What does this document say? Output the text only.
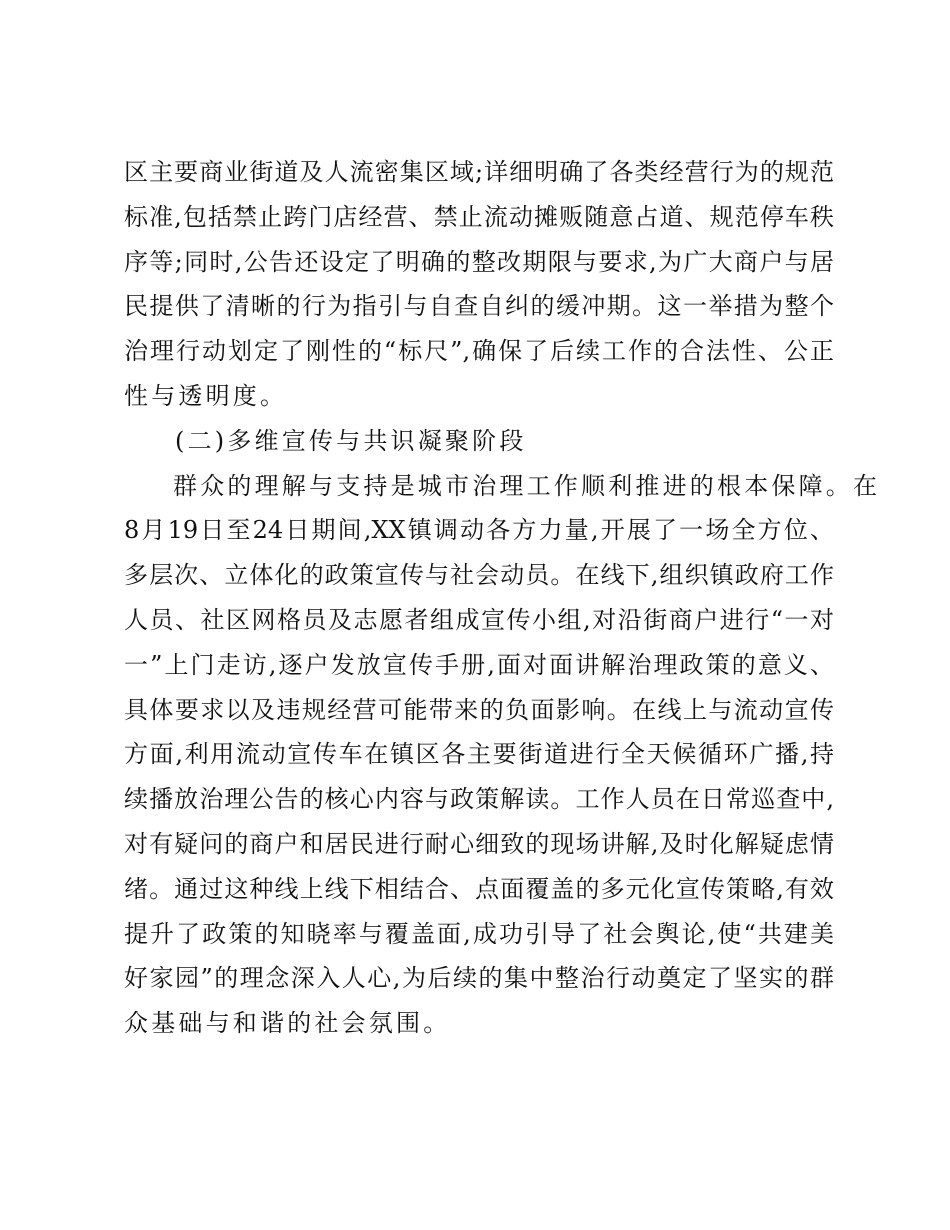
区主要商业街道及人流密集区域;详细明确了各类经营行为的规范
标准,包括禁止跨门店经营、禁止流动摊贩随意占道、规范停车秩
序等;同时,公告还设定了明确的整改期限与要求,为广大商户与居
民提供了清晰的行为指引与自查自纠的缓冲期。这一举措为整个
治理行动划定了刚性的“标尺”,确保了后续工作的合法性、公正
性与透明度。
(二)多维宣传与共识凝聚阶段
群众的理解与支持是城市治理工作顺利推进的根本保障。在
8月19日至24日期间,XX镇调动各方力量,开展了一场全方位、
多层次、立体化的政策宣传与社会动员。在线下,组织镇政府工作
人员、社区网格员及志愿者组成宣传小组,对沿街商户进行“一对
一”上门走访,逐户发放宣传手册,面对面讲解治理政策的意义、
具体要求以及违规经营可能带来的负面影响。在线上与流动宣传
方面,利用流动宣传车在镇区各主要街道进行全天候循环广播,持
续播放治理公告的核心内容与政策解读。工作人员在日常巡查中,
对有疑问的商户和居民进行耐心细致的现场讲解,及时化解疑虑情
绪。通过这种线上线下相结合、点面覆盖的多元化宣传策略,有效
提升了政策的知晓率与覆盖面,成功引导了社会舆论,使“共建美
好家园”的理念深入人心,为后续的集中整治行动奠定了坚实的群
众基础与和谐的社会氛围。
